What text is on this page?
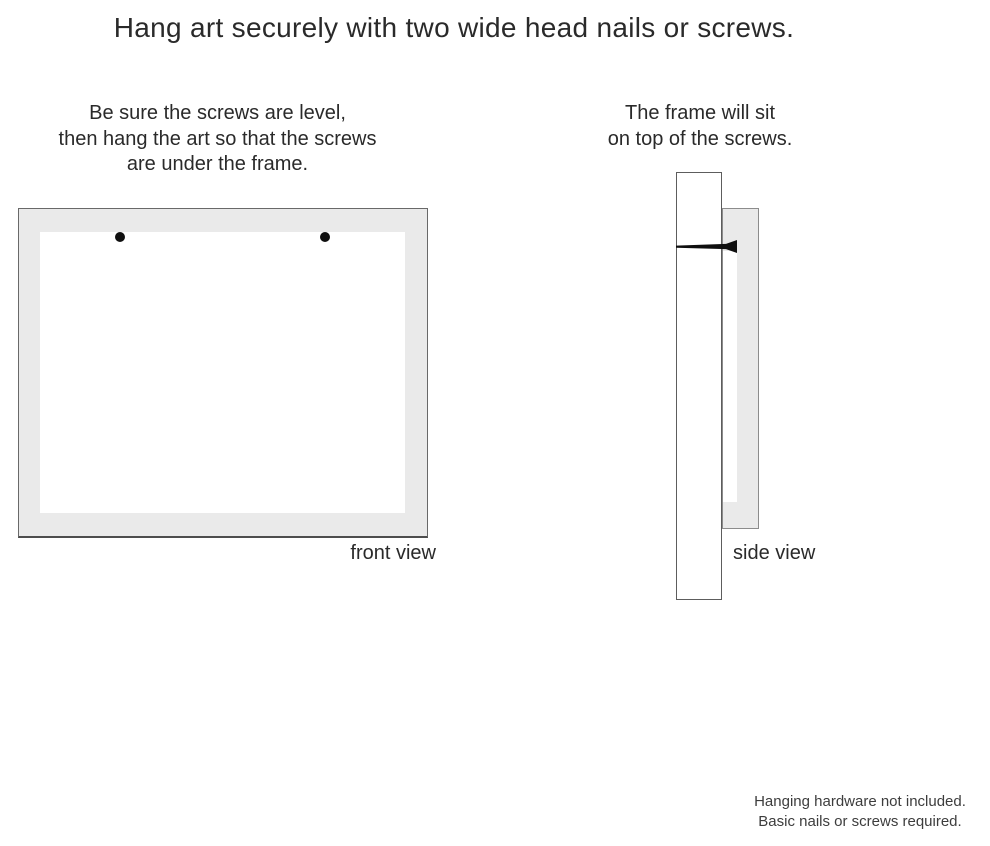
Hang art securely with two wide head nails or screws.
Be sure the screws are level,
then hang the art so that the screws
are under the frame.
The frame will sit
on top of the screws.
front view	side view
Hanging hardware not included.
Basic nails or screws required.
